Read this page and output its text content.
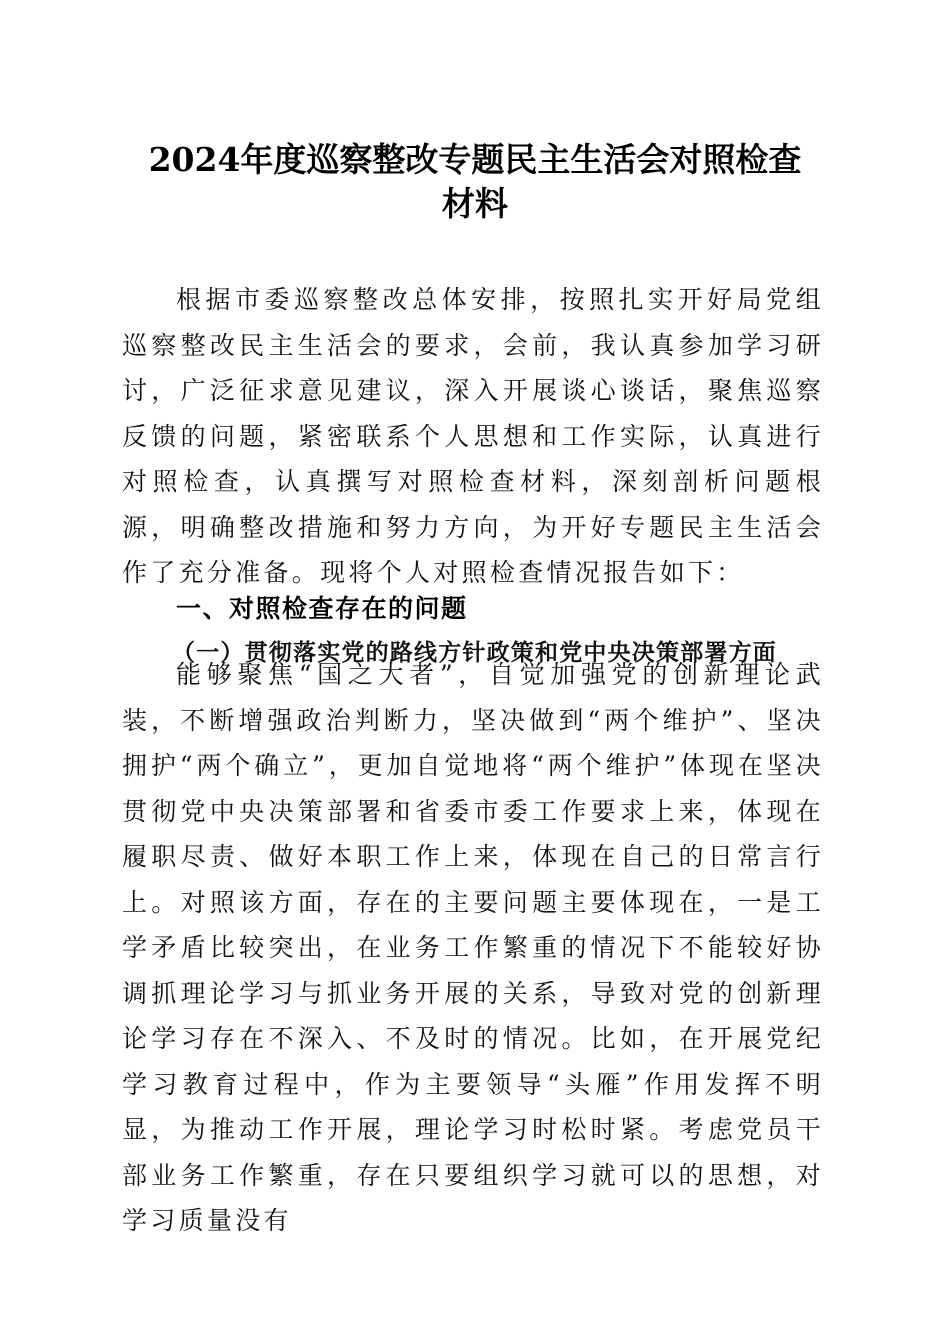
2024年度巡察整改专题民主生活会对照检查
材料

根据市委巡察整改总体安排，按照扎实开好局党组巡察整改民主生活会的要求，会前，我认真参加学习研讨，广泛征求意见建议，深入开展谈心谈话，聚焦巡察反馈的问题，紧密联系个人思想和工作实际，认真进行对照检查，认真撰写对照检查材料，深刻剖析问题根源，明确整改措施和努力方向，为开好专题民主生活会作了充分准备。现将个人对照检查情况报告如下：

一、对照检查存在的问题
（一）贯彻落实党的路线方针政策和党中央决策部署方面

能够聚焦“国之大者”，自觉加强党的创新理论武装，不断增强政治判断力，坚决做到“两个维护”、坚决拥护“两个确立”，更加自觉地将“两个维护”体现在坚决贯彻党中央决策部署和省委市委工作要求上来，体现在履职尽责、做好本职工作上来，体现在自己的日常言行上。对照该方面，存在的主要问题主要体现在，一是工学矛盾比较突出，在业务工作繁重的情况下不能较好协调抓理论学习与抓业务开展的关系，导致对党的创新理论学习存在不深入、不及时的情况。比如，在开展党纪学习教育过程中，作为主要领导“头雁”作用发挥不明显，为推动工作开展，理论学习时松时紧。考虑党员干部业务工作繁重，存在只要组织学习就可以的思想，对学习质量没有
